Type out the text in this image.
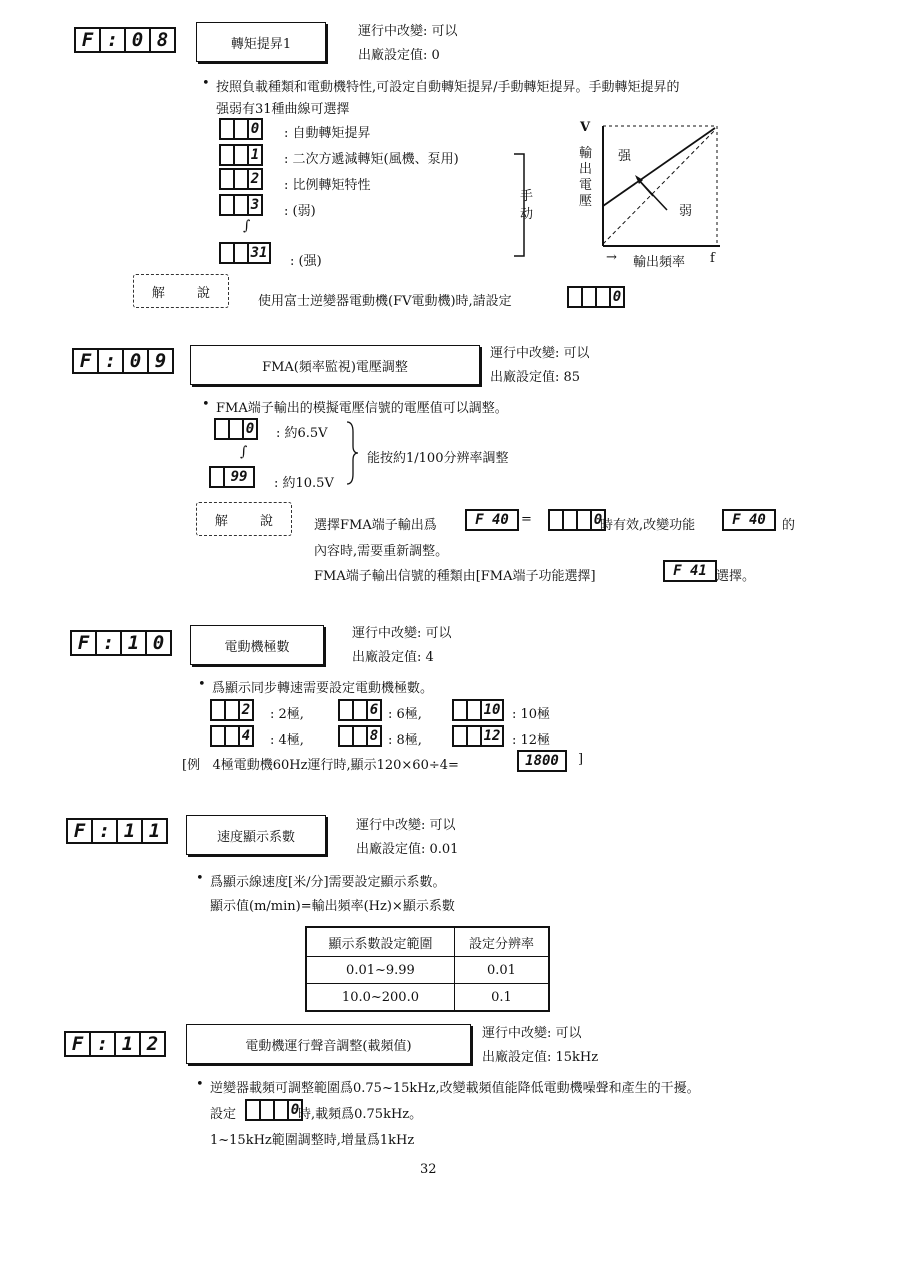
F : 0 8	轉矩提昇1
運行中改變: 可以
出廠設定值: 0
• 按照負載種類和電動機特性,可設定自動轉矩提昇/手動轉矩提昇。手動轉矩提昇的
强弱有31種曲線可選擇
0 : 自動轉矩提昇
1 : 二次方遞減轉矩(風機、泵用)
2 : 比例轉矩特性
3 : (弱)
∫
31
: (强)
手
动
V
輸
出
電
壓
强
弱
→ 輸出頻率 f
解 說
使用富士逆變器電動機(FV電動機)時,請設定	0
F : 0 9	FMA(頻率監視)電壓調整
運行中改變: 可以
出廠設定值: 85
• FMA端子輸出的模擬電壓信號的電壓值可以調整。
0 : 約6.5V
∫
99	: 約10.5V
能按約1/100分辨率調整
解 說	選擇FMA端子輸出爲	F 40 =	0
時有效,改變功能	F 40	的
內容時,需要重新調整。
FMA端子輸出信號的種類由[FMA端子功能選擇]	F 41 選擇。
F : 1 0	電動機極數
運行中改變: 可以
出廠設定值: 4
• 爲顯示同步轉速需要設定電動機極數。
2 : 2極,	6 : 6極,	10 : 10極
4 : 4極,	8 : 8極,	12 : 12極
[例   4極電動機60Hz運行時,顯示120×60÷4=	1800	]
F : 1 1	速度顯示系數
運行中改變: 可以
出廠設定值: 0.01
• 爲顯示線速度[米/分]需要設定顯示系數。
顯示值(m/min)=輸出頻率(Hz)×顯示系數
顯示系數設定範圍	設定分辨率
0.01~9.99	0.01
10.0~200.0	0.1
F : 1 2	電動機運行聲音調整(載頻值)
運行中改變: 可以
出廠設定值: 15kHz
• 逆變器載頻可調整範圍爲0.75~15kHz,改變載頻值能降低電動機噪聲和產生的干擾。
設定	0
時,載頻爲0.75kHz。
1~15kHz範圍調整時,增量爲1kHz
32
